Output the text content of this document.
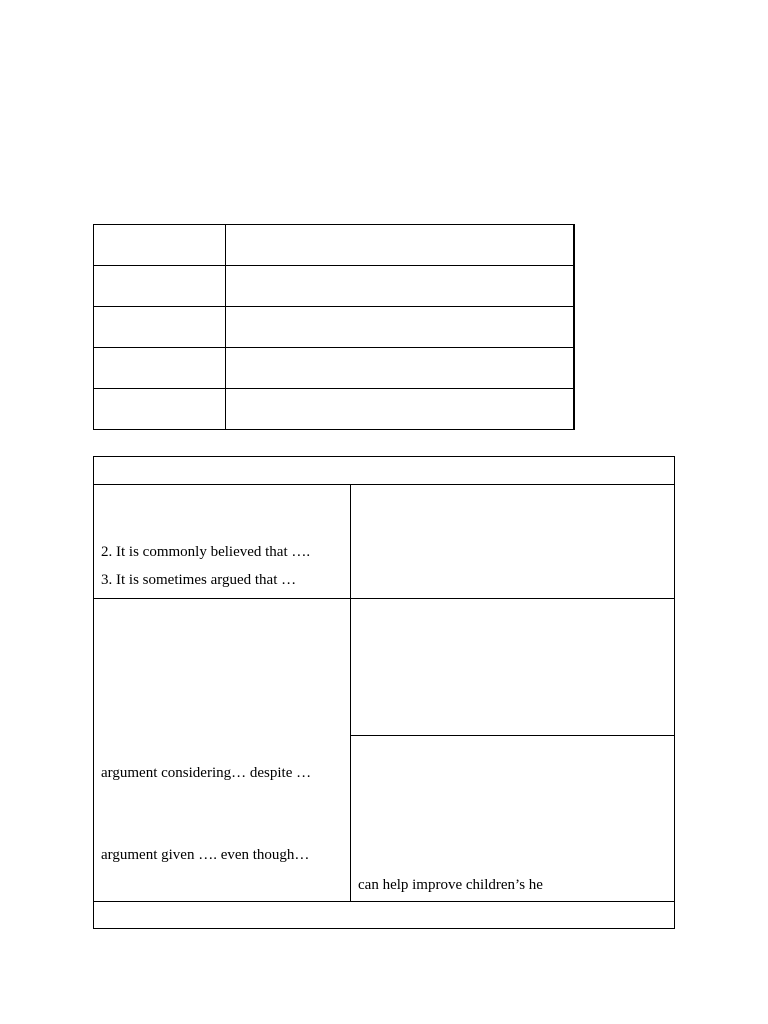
2. It is commonly believed that ….
3. It is sometimes argued that …	

argument considering… despite …
argument given …. even though…	

	can help improve children’s he
